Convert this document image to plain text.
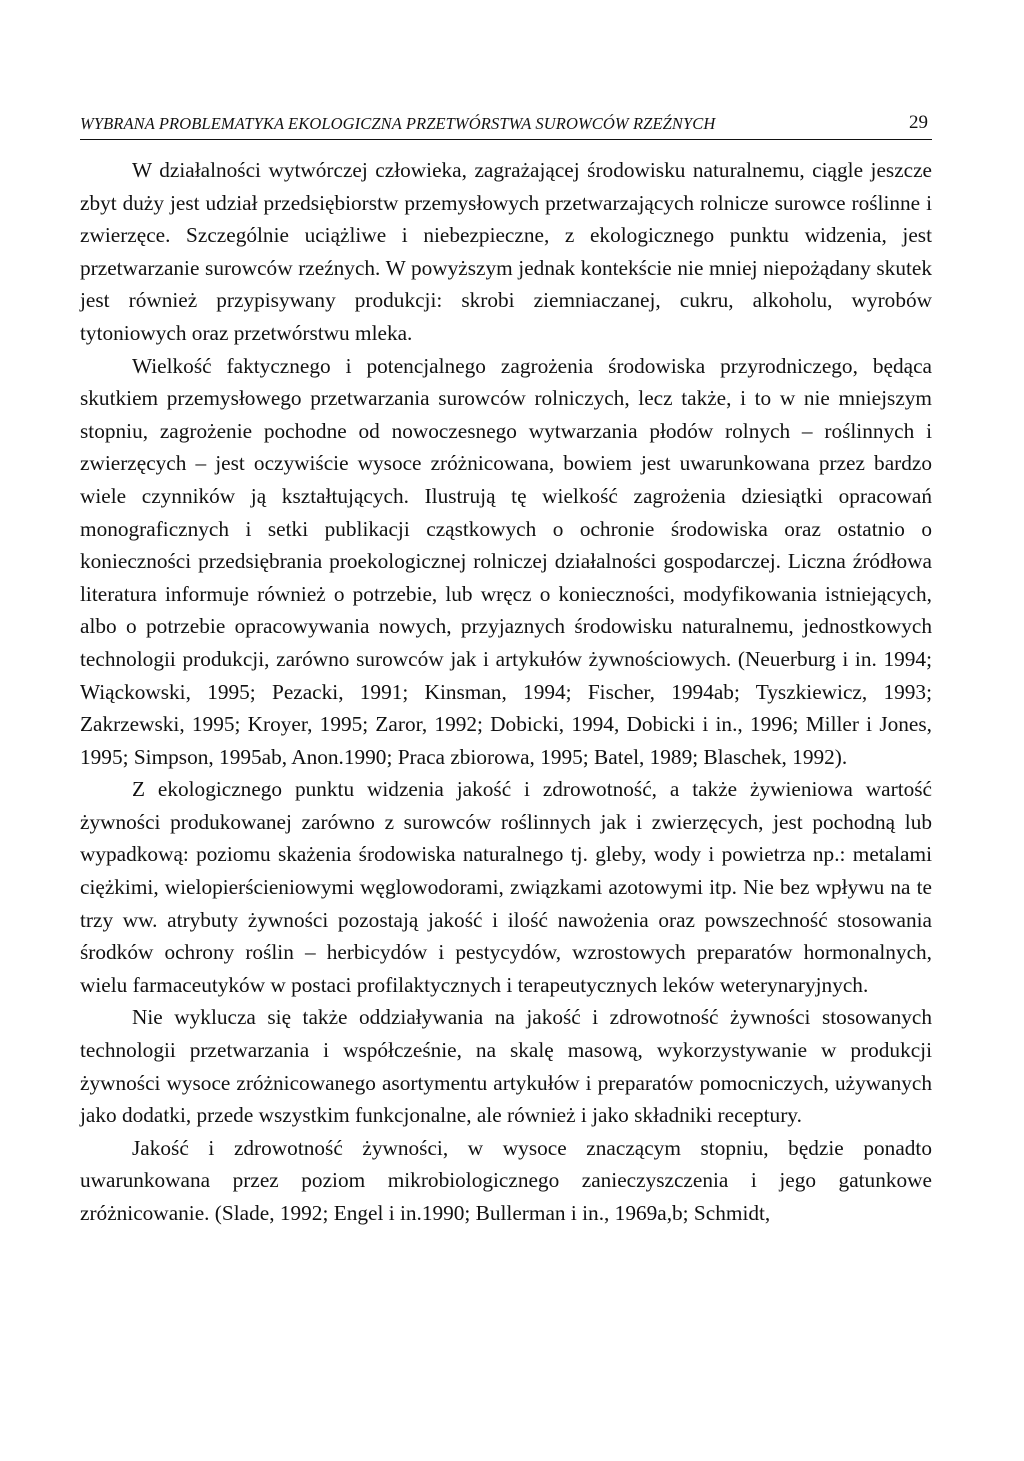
WYBRANA PROBLEMATYKA EKOLOGICZNA PRZETWÓRSTWA SUROWCÓW RZEŹNYCH	29

W działalności wytwórczej człowieka, zagrażającej środowisku naturalnemu, ciągle jeszcze zbyt duży jest udział przedsiębiorstw przemysłowych przetwarzających rolnicze surowce roślinne i zwierzęce. Szczególnie uciążliwe i niebezpieczne, z ekologicznego punktu widzenia, jest przetwarzanie surowców rzeźnych. W powyższym jednak kontekście nie mniej niepożądany skutek jest również przypisywany produkcji: skrobi ziemniaczanej, cukru, alkoholu, wyrobów tytoniowych oraz przetwórstwu mleka.

Wielkość faktycznego i potencjalnego zagrożenia środowiska przyrodniczego, będąca skutkiem przemysłowego przetwarzania surowców rolniczych, lecz także, i to w nie mniejszym stopniu, zagrożenie pochodne od nowoczesnego wytwarzania płodów rolnych – roślinnych i zwierzęcych – jest oczywiście wysoce zróżnicowana, bowiem jest uwarunkowana przez bardzo wiele czynników ją kształtujących. Ilustrują tę wielkość zagrożenia dziesiątki opracowań monograficznych i setki publikacji cząstkowych o ochronie środowiska oraz ostatnio o konieczności przedsiębrania proekologicznej rolniczej działalności gospodarczej. Liczna źródłowa literatura informuje również o potrzebie, lub wręcz o konieczności, modyfikowania istniejących, albo o potrzebie opracowywania nowych, przyjaznych środowisku naturalnemu, jednostkowych technologii produkcji, zarówno surowców jak i artykułów żywnościowych. (Neuerburg i in. 1994; Wiąckowski, 1995; Pezacki, 1991; Kinsman, 1994; Fischer, 1994ab; Tyszkiewicz, 1993; Zakrzewski, 1995; Kroyer, 1995; Zaror, 1992; Dobicki, 1994, Dobicki i in., 1996; Miller i Jones, 1995; Simpson, 1995ab, Anon.1990; Praca zbiorowa, 1995; Batel, 1989; Blaschek, 1992).

Z ekologicznego punktu widzenia jakość i zdrowotność, a także żywieniowa wartość żywności produkowanej zarówno z surowców roślinnych jak i zwierzęcych, jest pochodną lub wypadkową: poziomu skażenia środowiska naturalnego tj. gleby, wody i powietrza np.: metalami ciężkimi, wielopierścieniowymi węglowodorami, związkami azotowymi itp. Nie bez wpływu na te trzy ww. atrybuty żywności pozostają jakość i ilość nawożenia oraz powszechność stosowania środków ochrony roślin – herbicydów i pestycydów, wzrostowych preparatów hormonalnych, wielu farmaceutyków w postaci profilaktycznych i terapeutycznych leków weterynaryjnych.

Nie wyklucza się także oddziaływania na jakość i zdrowotność żywności stosowanych technologii przetwarzania i współcześnie, na skalę masową, wykorzystywanie w produkcji żywności wysoce zróżnicowanego asortymentu artykułów i preparatów pomocniczych, używanych jako dodatki, przede wszystkim funkcjonalne, ale również i jako składniki receptury.

Jakość i zdrowotność żywności, w wysoce znaczącym stopniu, będzie ponadto uwarunkowana przez poziom mikrobiologicznego zanieczyszczenia i jego gatunkowe zróżnicowanie. (Slade, 1992; Engel i in.1990; Bullerman i in., 1969a,b; Schmidt,
